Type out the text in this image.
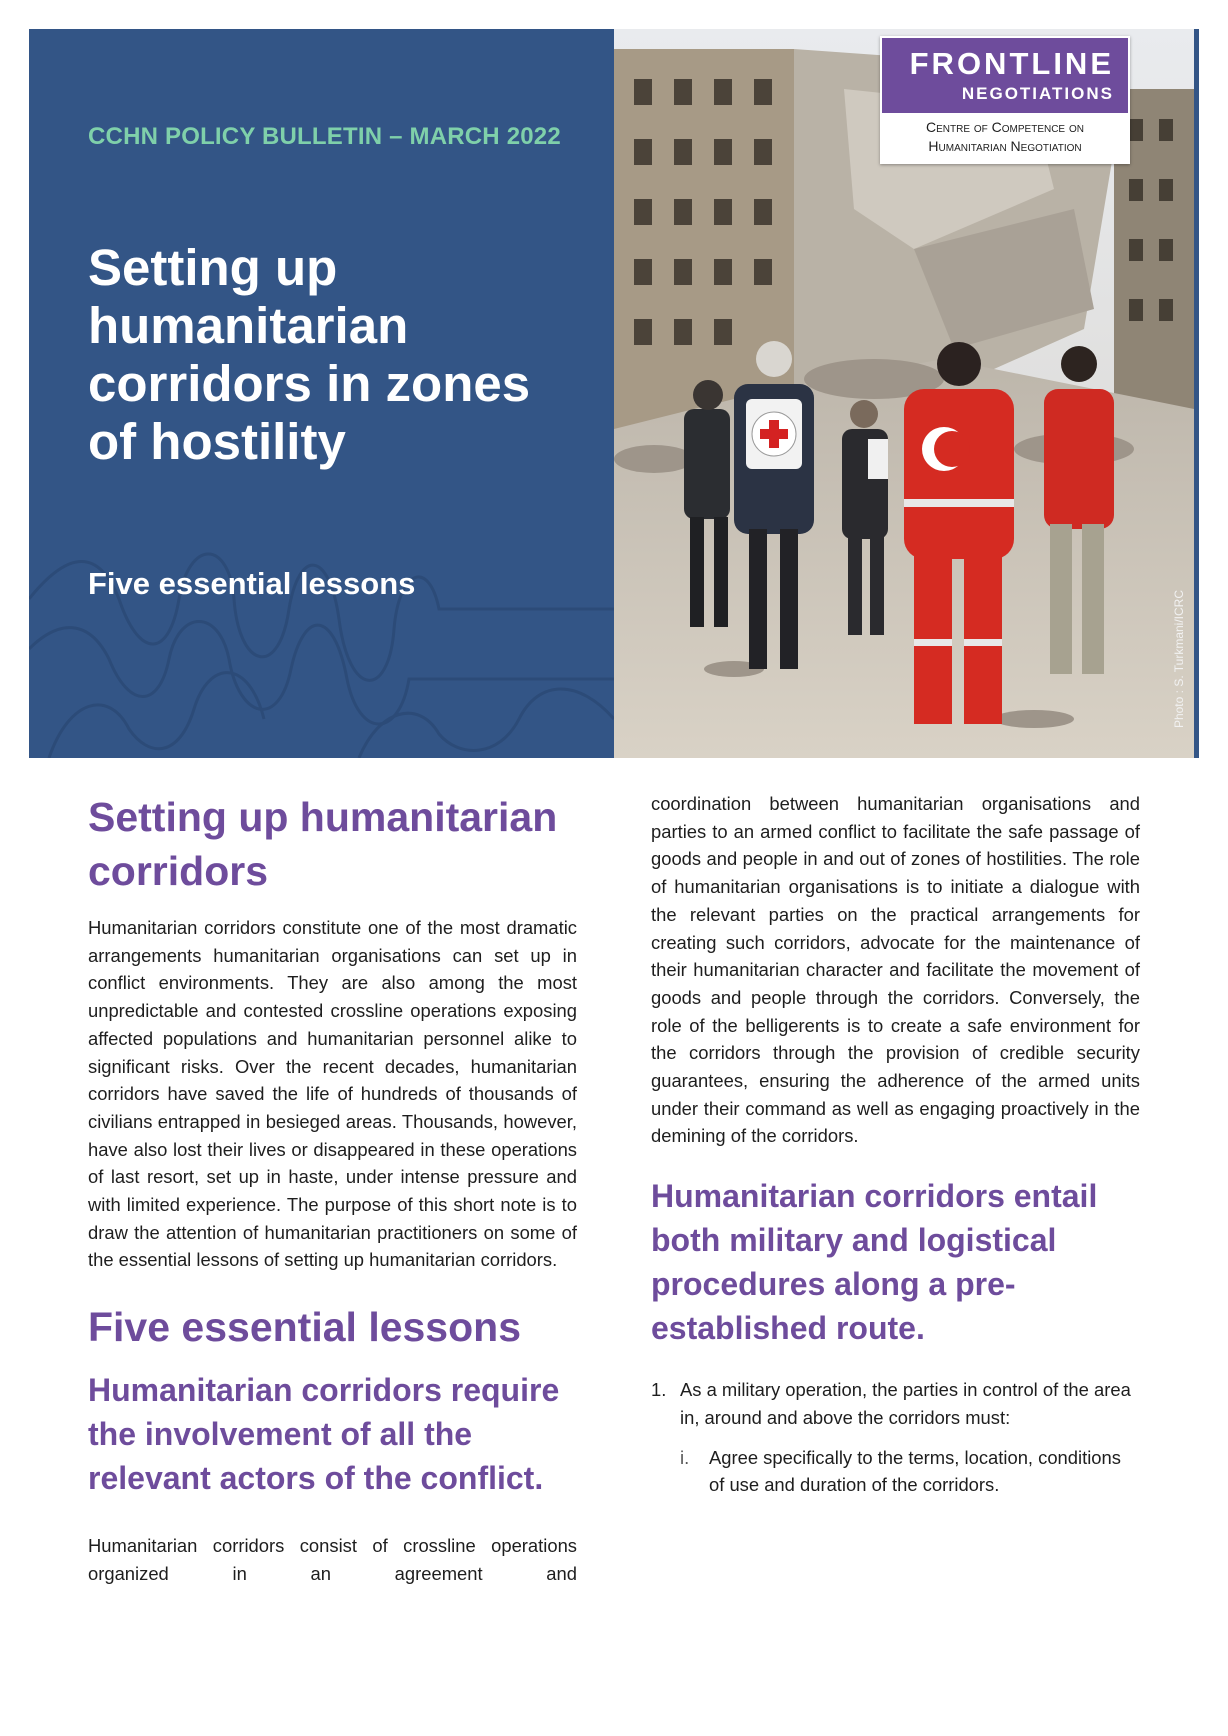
CCHN POLICY BULLETIN – MARCH 2022

Setting up humanitarian corridors in zones of hostility

Five essential lessons

Photo : S. Turkmani/ICRC

FRONTLINE

NEGOTIATIONS

Centre of Competence on
Humanitarian Negotiation

Setting up humanitarian corridors

Humanitarian corridors constitute one of the most dramatic arrangements humanitarian organisations can set up in conflict environments. They are also among the most unpredictable and contested crossline operations exposing affected populations and humanitarian personnel alike to significant risks. Over the recent decades, humanitarian corridors have saved the life of hundreds of thousands of civilians entrapped in besieged areas. Thousands, however, have also lost their lives or disappeared in these operations of last resort, set up in haste, under intense pressure and with limited experience. The purpose of this short note is to draw the attention of humanitarian practitioners on some of the essential lessons of setting up humanitarian corridors.

Five essential lessons
Humanitarian corridors require the involvement of all the relevant actors of the conflict.

Humanitarian corridors consist of crossline operations organized in an agreement and

coordination between humanitarian organisations and parties to an armed conflict to facilitate the safe passage of goods and people in and out of zones of hostilities. The role of humanitarian organisations is to initiate a dialogue with the relevant parties on the practical arrangements for creating such corridors, advocate for the maintenance of their humanitarian character and facilitate the movement of goods and people through the corridors. Conversely, the role of the belligerents is to create a safe environment for the corridors through the provision of credible security guarantees, ensuring the adherence of the armed units under their command as well as engaging proactively in the demining of the corridors.

Humanitarian corridors entail both military and logistical procedures along a pre-established route.
1. As a military operation, the parties in control of the area in, around and above the corridors must:
i. Agree specifically to the terms, location, conditions of use and duration of the corridors.
